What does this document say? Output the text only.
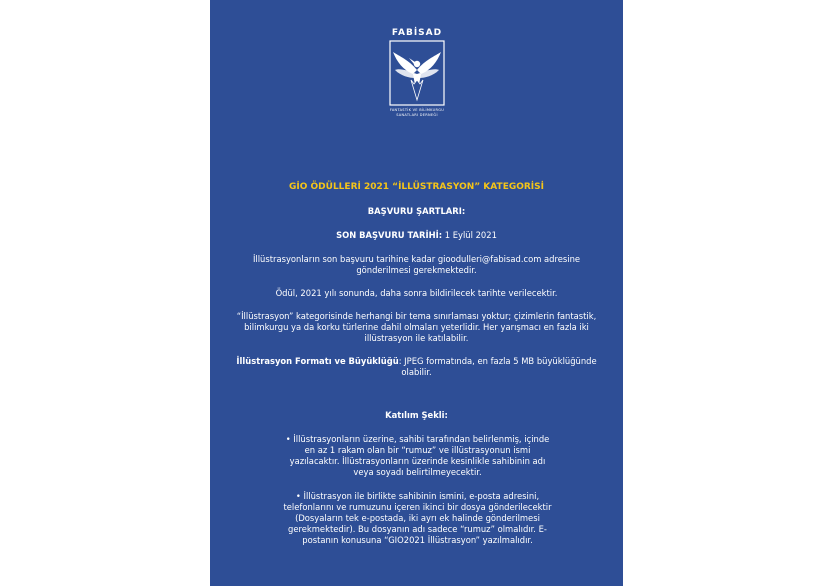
FABİSAD
FANTASTİK VE BİLİMKURGU
SANATLARI DERNEĞİ

GİO ÖDÜLLERİ 2021 “İLLÜSTRASYON” KATEGORİSİ

BAŞVURU ŞARTLARI:

SON BAŞVURU TARİHİ: 1 Eylül 2021

İllüstrasyonların son başvuru tarihine kadar gioodulleri@fabisad.com adresine gönderilmesi gerekmektedir.

Ödül, 2021 yılı sonunda, daha sonra bildirilecek tarihte verilecektir.

“İllüstrasyon” kategorisinde herhangi bir tema sınırlaması yoktur; çizimlerin fantastik, bilimkurgu ya da korku türlerine dahil olmaları yeterlidir. Her yarışmacı en fazla iki illüstrasyon ile katılabilir.

İllüstrasyon Formatı ve Büyüklüğü: JPEG formatında, en fazla 5 MB büyüklüğünde olabilir.

Katılım Şekli:

• İllüstrasyonların üzerine, sahibi tarafından belirlenmiş, içinde en az 1 rakam olan bir “rumuz” ve illüstrasyonun ismi yazılacaktır. İllüstrasyonların üzerinde kesinlikle sahibinin adı veya soyadı belirtilmeyecektir.

• İllüstrasyon ile birlikte sahibinin ismini, e-posta adresini, telefonlarını ve rumuzunu içeren ikinci bir dosya gönderilecektir (Dosyaların tek e-postada, iki ayrı ek halinde gönderilmesi gerekmektedir). Bu dosyanın adı sadece “rumuz” olmalıdır. E-postanın konusuna “GIO2021 İllüstrasyon” yazılmalıdır.
